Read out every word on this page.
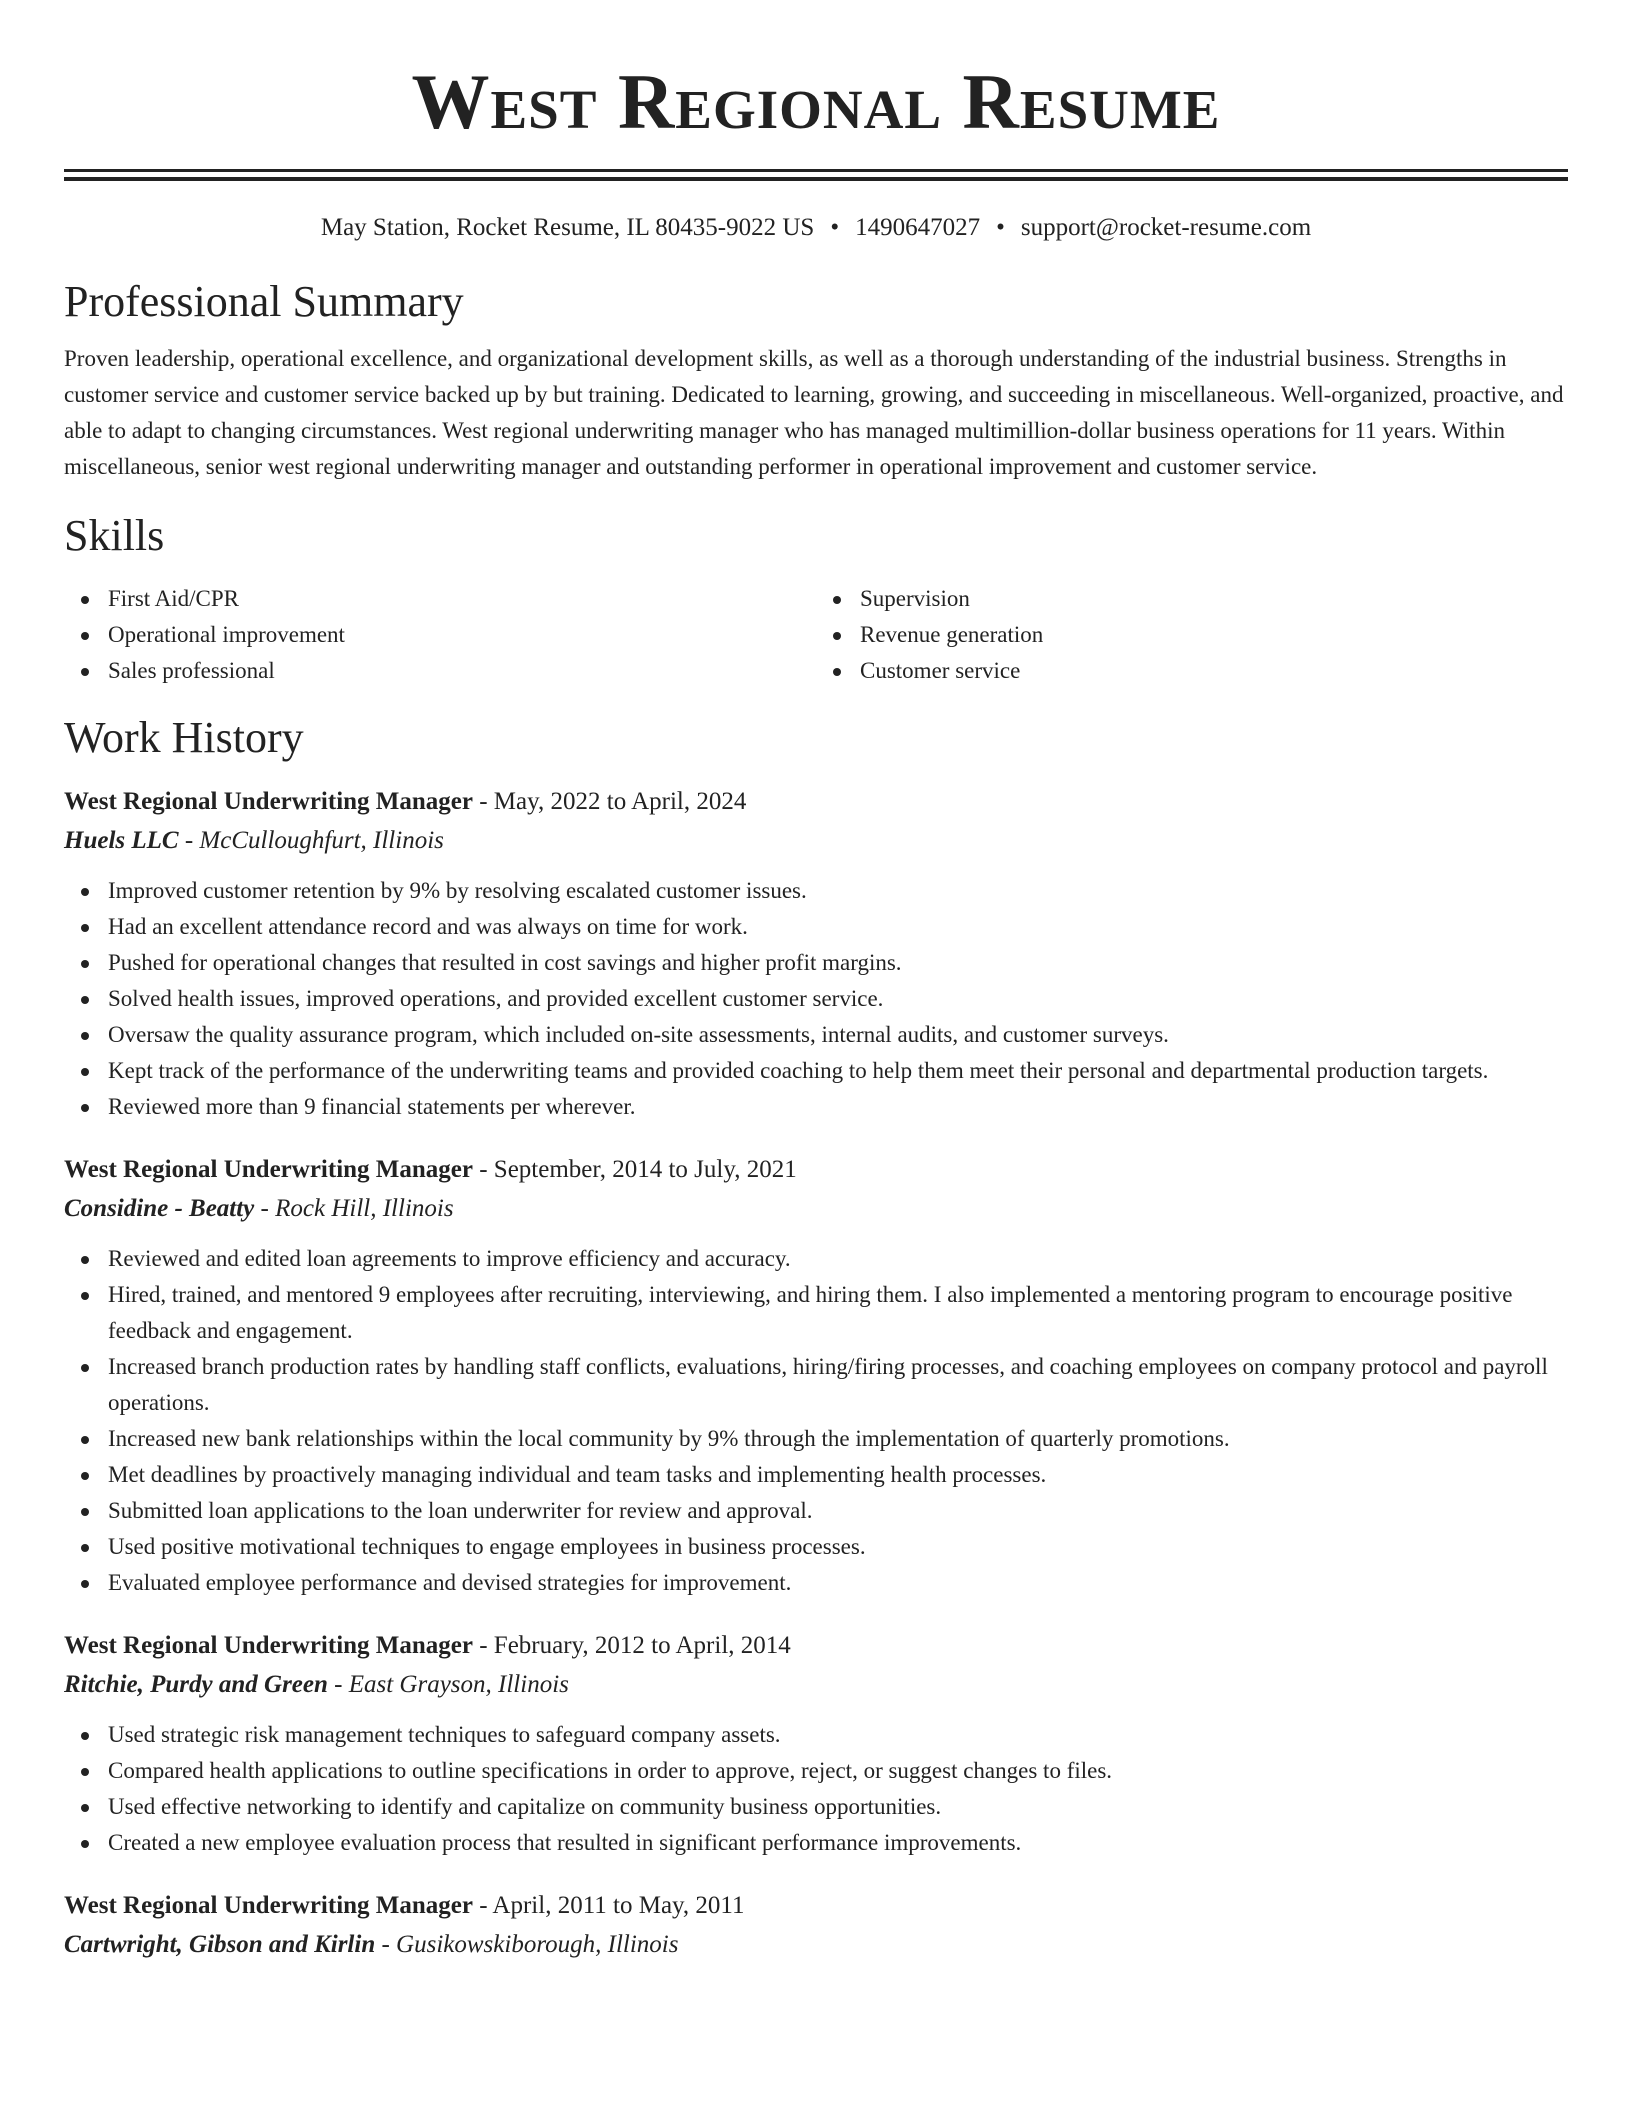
West Regional Resume
May Station, Rocket Resume, IL 80435-9022 US • 1490647027 • support@rocket-resume.com
Professional Summary

Proven leadership, operational excellence, and organizational development skills, as well as a thorough understanding of the industrial business. Strengths in customer service and customer service backed up by but training. Dedicated to learning, growing, and succeeding in miscellaneous. Well-organized, proactive, and able to adapt to changing circumstances. West regional underwriting manager who has managed multimillion-dollar business operations for 11 years. Within miscellaneous, senior west regional underwriting manager and outstanding performer in operational improvement and customer service.

Skills
First Aid/CPR
Operational improvement
Sales professional
Supervision
Revenue generation
Customer service
Work History
West Regional Underwriting Manager - May, 2022 to April, 2024
Huels LLC - McCulloughfurt, Illinois
Improved customer retention by 9% by resolving escalated customer issues.
Had an excellent attendance record and was always on time for work.
Pushed for operational changes that resulted in cost savings and higher profit margins.
Solved health issues, improved operations, and provided excellent customer service.
Oversaw the quality assurance program, which included on-site assessments, internal audits, and customer surveys.
Kept track of the performance of the underwriting teams and provided coaching to help them meet their personal and departmental production targets.
Reviewed more than 9 financial statements per wherever.
West Regional Underwriting Manager - September, 2014 to July, 2021
Considine - Beatty - Rock Hill, Illinois
Reviewed and edited loan agreements to improve efficiency and accuracy.
Hired, trained, and mentored 9 employees after recruiting, interviewing, and hiring them. I also implemented a mentoring program to encourage positive feedback and engagement.
Increased branch production rates by handling staff conflicts, evaluations, hiring/firing processes, and coaching employees on company protocol and payroll operations.
Increased new bank relationships within the local community by 9% through the implementation of quarterly promotions.
Met deadlines by proactively managing individual and team tasks and implementing health processes.
Submitted loan applications to the loan underwriter for review and approval.
Used positive motivational techniques to engage employees in business processes.
Evaluated employee performance and devised strategies for improvement.
West Regional Underwriting Manager - February, 2012 to April, 2014
Ritchie, Purdy and Green - East Grayson, Illinois
Used strategic risk management techniques to safeguard company assets.
Compared health applications to outline specifications in order to approve, reject, or suggest changes to files.
Used effective networking to identify and capitalize on community business opportunities.
Created a new employee evaluation process that resulted in significant performance improvements.
West Regional Underwriting Manager - April, 2011 to May, 2011
Cartwright, Gibson and Kirlin - Gusikowskiborough, Illinois
